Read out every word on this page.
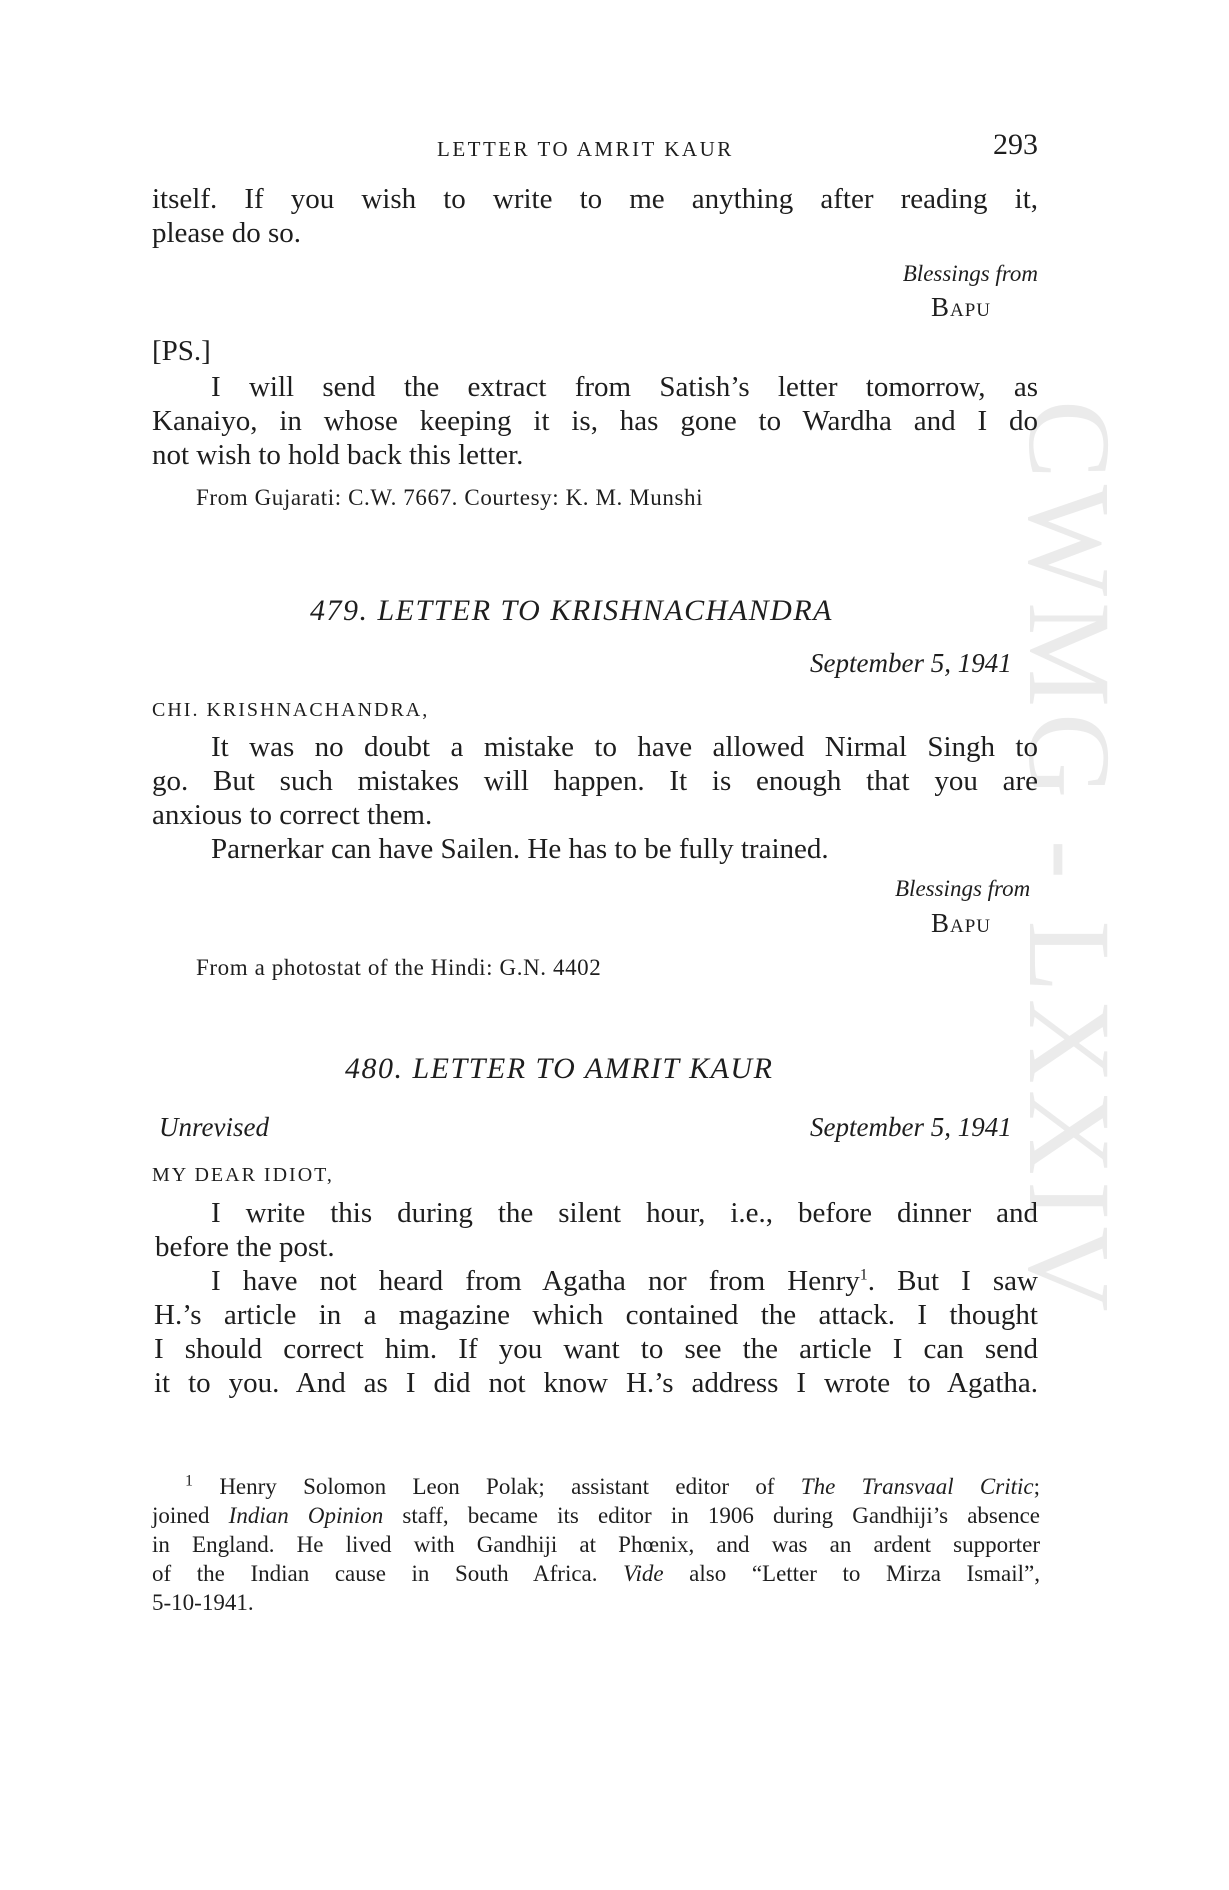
CWMG - LXXIV
LETTER TO AMRIT KAUR	293
itself. If you wish to write to me anything after reading it,
please do so.
Blessings from
Bapu
[PS.]
I will send the extract from Satish’s letter tomorrow, as
Kanaiyo, in whose keeping it is, has gone to Wardha and I do
not wish to hold back this letter.
From Gujarati: C.W. 7667. Courtesy: K. M. Munshi
479. LETTER TO KRISHNACHANDRA
September 5, 1941
CHI. KRISHNACHANDRA,
It was no doubt a mistake to have allowed Nirmal Singh to
go. But such mistakes will happen. It is enough that you are
anxious to correct them.
Parnerkar can have Sailen. He has to be fully trained.
Blessings from
Bapu
From a photostat of the Hindi: G.N. 4402
480. LETTER TO AMRIT KAUR
Unrevised	September 5, 1941
MY DEAR IDIOT,
I write this during the silent hour, i.e., before dinner and
before the post.
I have not heard from Agatha nor from Henry$^1$. But I saw
H.’s article in a magazine which contained the attack. I thought
I should correct him. If you want to see the article I can send
it to you. And as I did not know H.’s address I wrote to Agatha.
$^1$ Henry Solomon Leon Polak; assistant editor of The Transvaal Critic;
joined Indian Opinion staff, became its editor in 1906 during Gandhiji’s absence
in England. He lived with Gandhiji at Phœnix, and was an ardent supporter
of the Indian cause in South Africa. Vide also “Letter to Mirza Ismail”,
5-10-1941.
